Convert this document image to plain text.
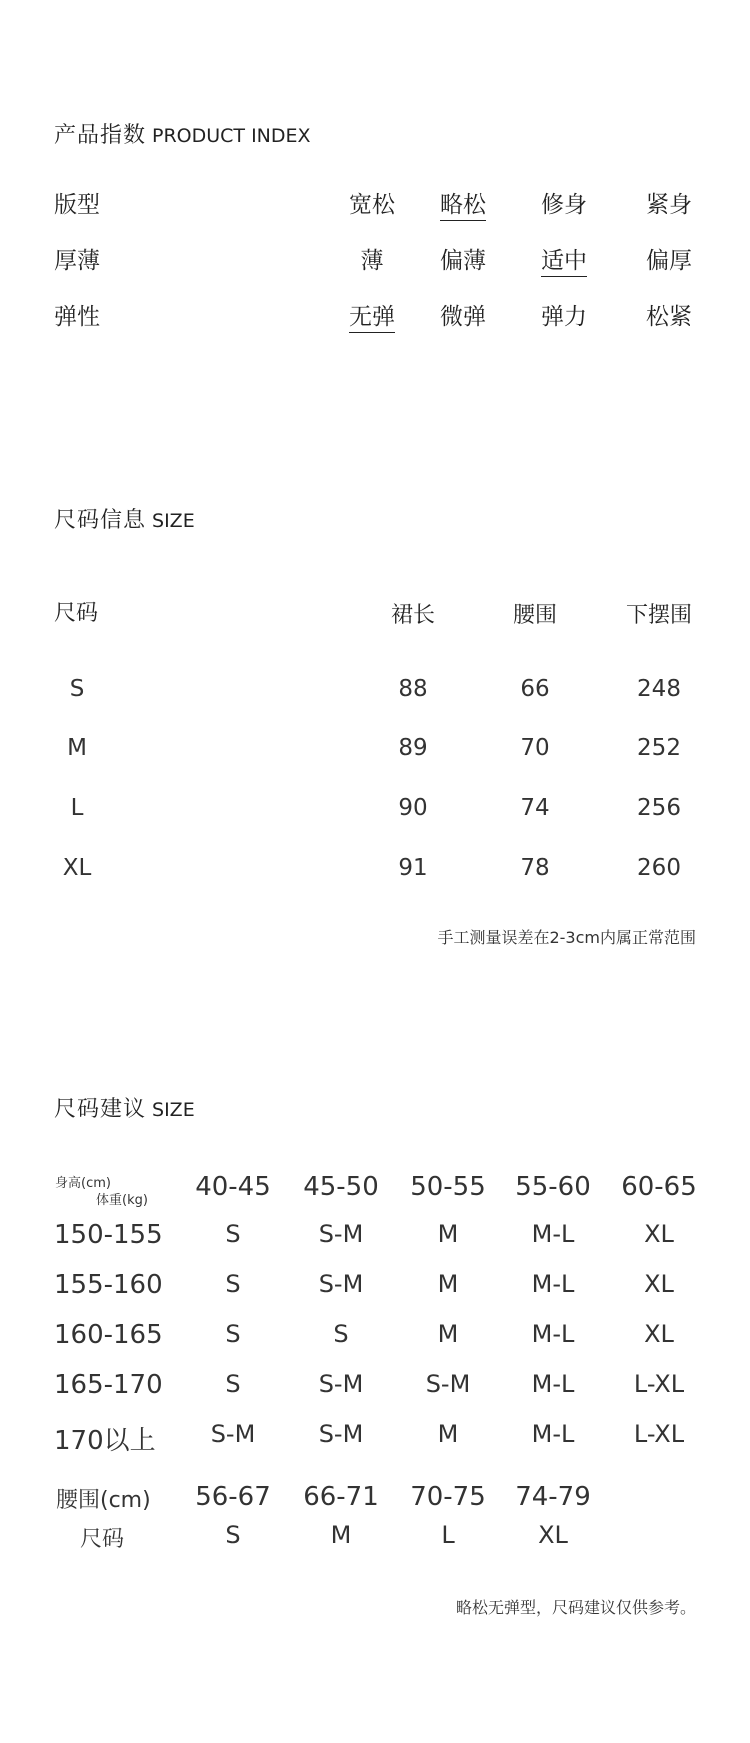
产品指数 PRODUCT INDEX
版型	宽松	略松	修身	紧身
厚薄	薄	偏薄	适中	偏厚
弹性	无弹	微弹	弹力	松紧
尺码信息 SIZE
尺码	裙长	腰围	下摆围
S	88	66	248
M	89	70	252
L	90	74	256
XL	91	78	260
手工测量误差在2-3cm内属正常范围
尺码建议 SIZE
身高(cm)
体重(kg)	40-45	45-50	50-55	55-60	60-65
150-155	S	S-M	M	M-L	XL
155-160	S	S-M	M	M-L	XL
160-165	S	S	M	M-L	XL
165-170	S	S-M	S-M	M-L	L-XL
170以上	S-M	S-M	M	M-L	L-XL
腰围(cm)	56-67	66-71	70-75	74-79
尺码	S	M	L	XL
略松无弹型，尺码建议仅供参考。
